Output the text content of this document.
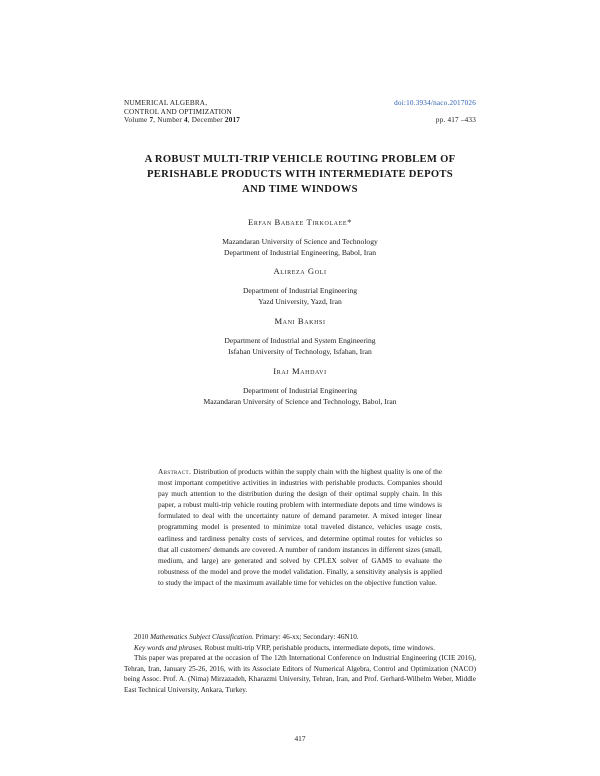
NUMERICAL ALGEBRA,
CONTROL AND OPTIMIZATION
Volume 7, Number 4, December 2017
doi:10.3934/naco.2017026
pp. 417 –433
A ROBUST MULTI-TRIP VEHICLE ROUTING PROBLEM OF
PERISHABLE PRODUCTS WITH INTERMEDIATE DEPOTS
AND TIME WINDOWS
Erfan Babaee Tirkolaee*
Mazandaran University of Science and Technology
Department of Industrial Engineering, Babol, Iran
Alireza Goli
Department of Industrial Engineering
Yazd University, Yazd, Iran
Mani Bakhsi
Department of Industrial and System Engineering
Isfahan University of Technology, Isfahan, Iran
Iraj Mahdavi
Department of Industrial Engineering
Mazandaran University of Science and Technology, Babol, Iran
Abstract. Distribution of products within the supply chain with the highest quality is one of the most important competitive activities in industries with perishable products. Companies should pay much attention to the distribution during the design of their optimal supply chain. In this paper, a robust multi-trip vehicle routing problem with intermediate depots and time windows is formulated to deal with the uncertainty nature of demand parameter. A mixed integer linear programming model is presented to minimize total traveled distance, vehicles usage costs, earliness and tardiness penalty costs of services, and determine optimal routes for vehicles so that all customers' demands are covered. A number of random instances in different sizes (small, medium, and large) are generated and solved by CPLEX solver of GAMS to evaluate the robustness of the model and prove the model validation. Finally, a sensitivity analysis is applied to study the impact of the maximum available time for vehicles on the objective function value.
2010 Mathematics Subject Classification. Primary: 46-xx; Secondary: 46N10.
Key words and phrases. Robust multi-trip VRP, perishable products, intermediate depots, time windows.
This paper was prepared at the occasion of The 12th International Conference on Industrial Engineering (ICIE 2016), Tehran, Iran, January 25-26, 2016, with its Associate Editors of Numerical Algebra, Control and Optimization (NACO) being Assoc. Prof. A. (Nima) Mirzazadeh, Kharazmi University, Tehran, Iran, and Prof. Gerhard-Wilhelm Weber, Middle East Technical University, Ankara, Turkey.
417
